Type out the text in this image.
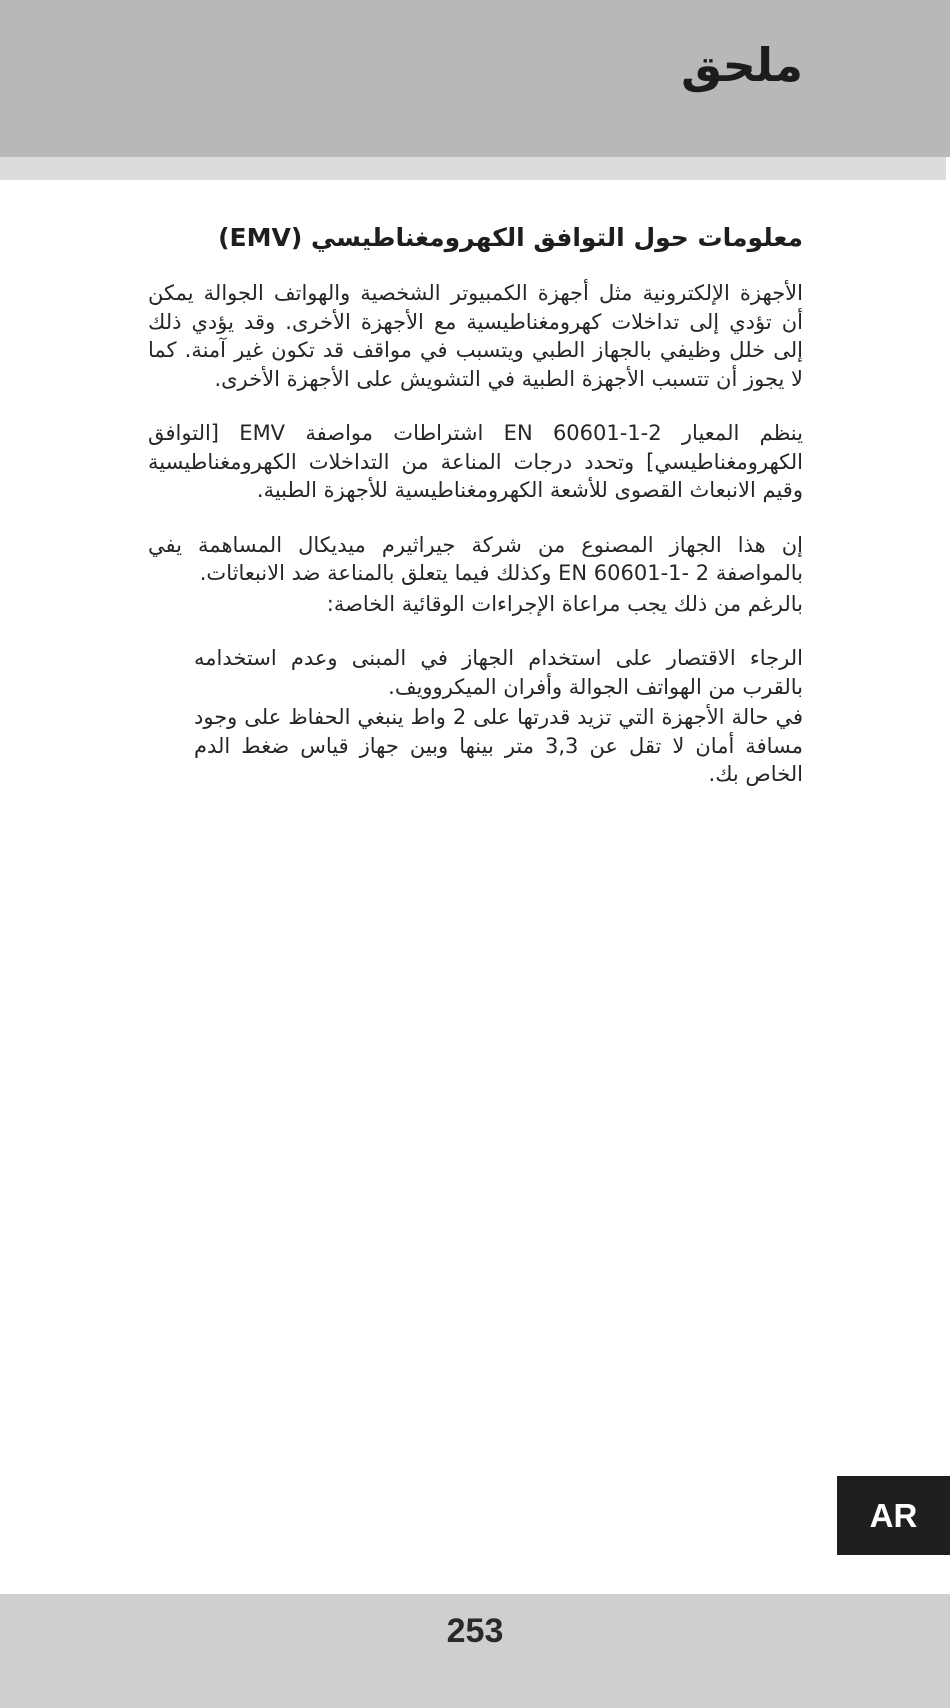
ملحق
معلومات حول التوافق الكهرومغناطيسي (EMV)

الأجهزة الإلكترونية مثل أجهزة الكمبيوتر الشخصية والهواتف الجوالة يمكن أن تؤدي إلى تداخلات كهرومغناطيسية مع الأجهزة الأخرى. وقد يؤدي ذلك إلى خلل وظيفي بالجهاز الطبي ويتسبب في مواقف قد تكون غير آمنة. كما لا يجوز أن تتسبب الأجهزة الطبية في التشويش على الأجهزة الأخرى.

ينظم المعيار EN 60601-1-2 اشتراطات مواصفة EMV [التوافق الكهرومغناطيسي] وتحدد درجات المناعة من التداخلات الكهرومغناطيسية وقيم الانبعاث القصوى للأشعة الكهرومغناطيسية للأجهزة الطبية.

إن هذا الجهاز المصنوع من شركة جيراثيرم ميديكال المساهمة يفي بالمواصفة EN 60601-1- 2 وكذلك فيما يتعلق بالمناعة ضد الانبعاثات.

بالرغم من ذلك يجب مراعاة الإجراءات الوقائية الخاصة:

الرجاء الاقتصار على استخدام الجهاز في المبنى وعدم استخدامه بالقرب من الهواتف الجوالة وأفران الميكروويف.

في حالة الأجهزة التي تزيد قدرتها على 2 واط ينبغي الحفاظ على وجود مسافة أمان لا تقل عن 3,3 متر بينها وبين جهاز قياس ضغط الدم الخاص بك.

AR
253
